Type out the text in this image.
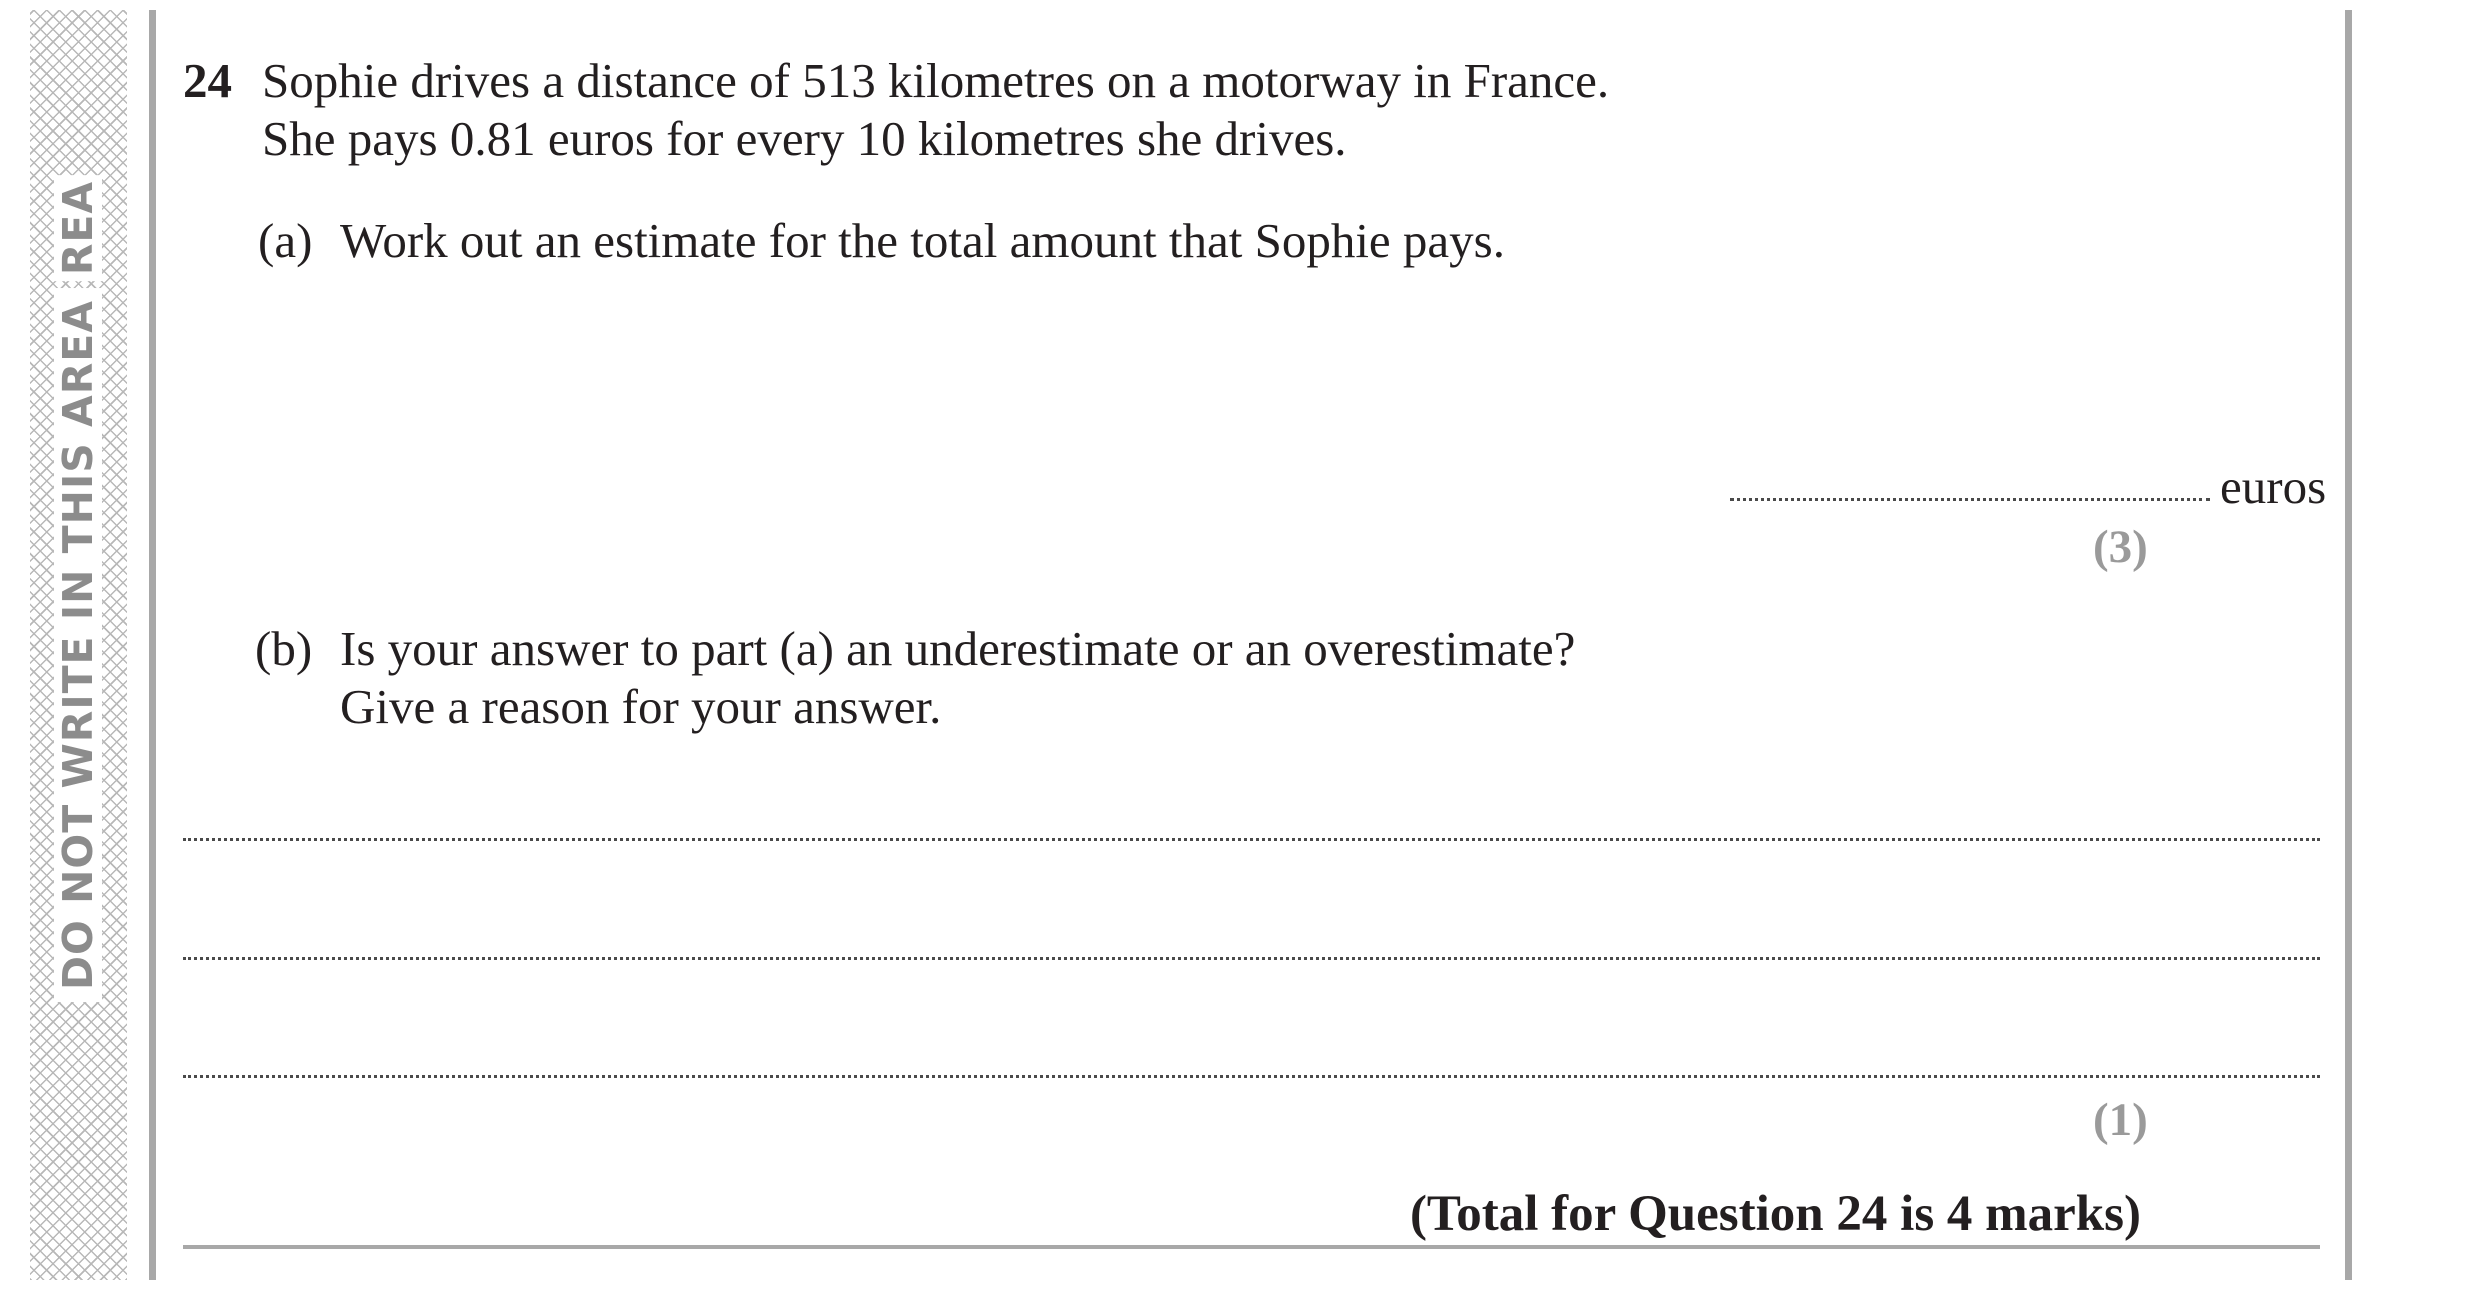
DO NOT WRITE IN THIS AREA
REA
24 Sophie drives a distance of 513 kilometres on a motorway in France.
She pays 0.81 euros for every 10 kilometres she drives.
(a) Work out an estimate for the total amount that Sophie pays.
euros
(3)
(b) Is your answer to part (a) an underestimate or an overestimate?
Give a reason for your answer.
(1)
(Total for Question 24 is 4 marks)
